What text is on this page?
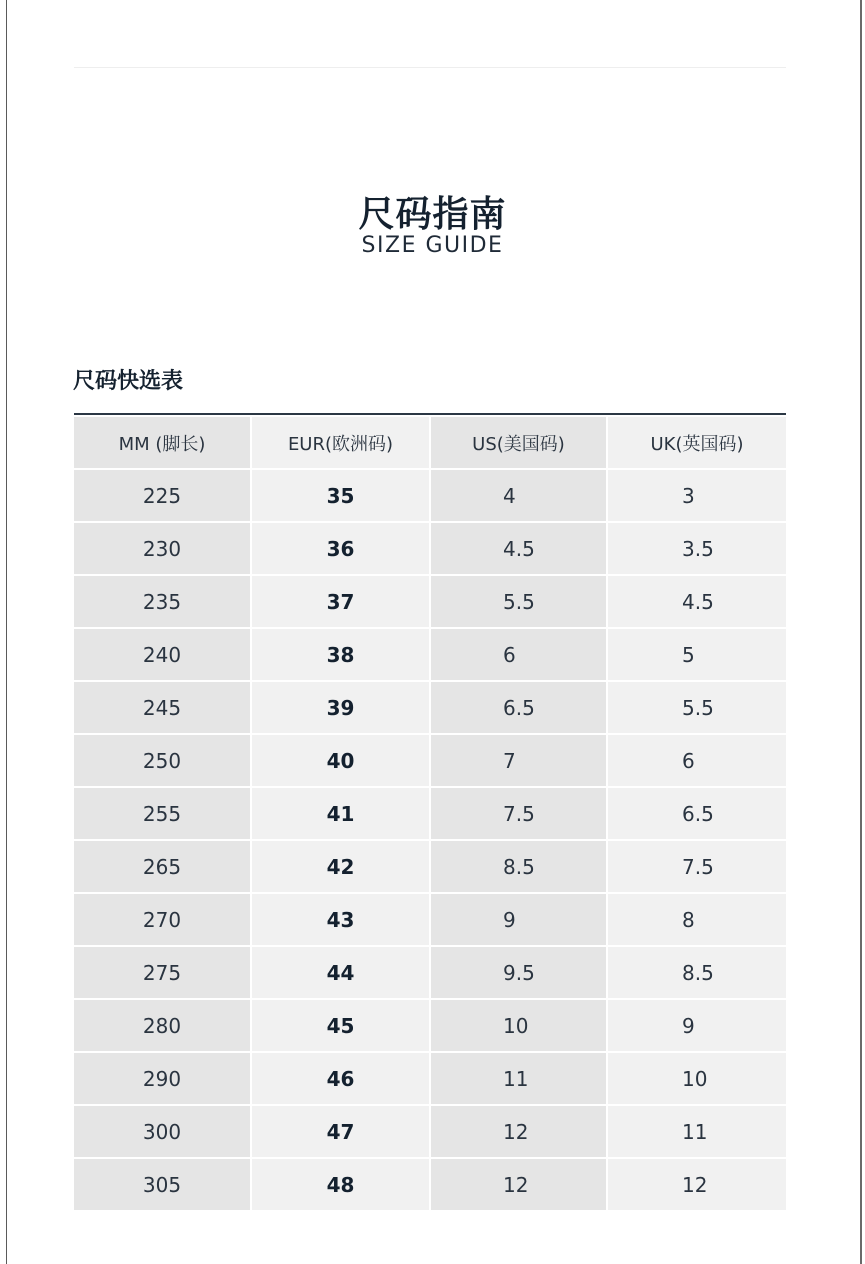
尺码指南
SIZE GUIDE
尺码快选表
MM (脚长)	EUR(欧洲码)	US(美国码)	UK(英国码)
225	35	4	3
230	36	4.5	3.5
235	37	5.5	4.5
240	38	6	5
245	39	6.5	5.5
250	40	7	6
255	41	7.5	6.5
265	42	8.5	7.5
270	43	9	8
275	44	9.5	8.5
280	45	10	9
290	46	11	10
300	47	12	11
305	48	12	12
